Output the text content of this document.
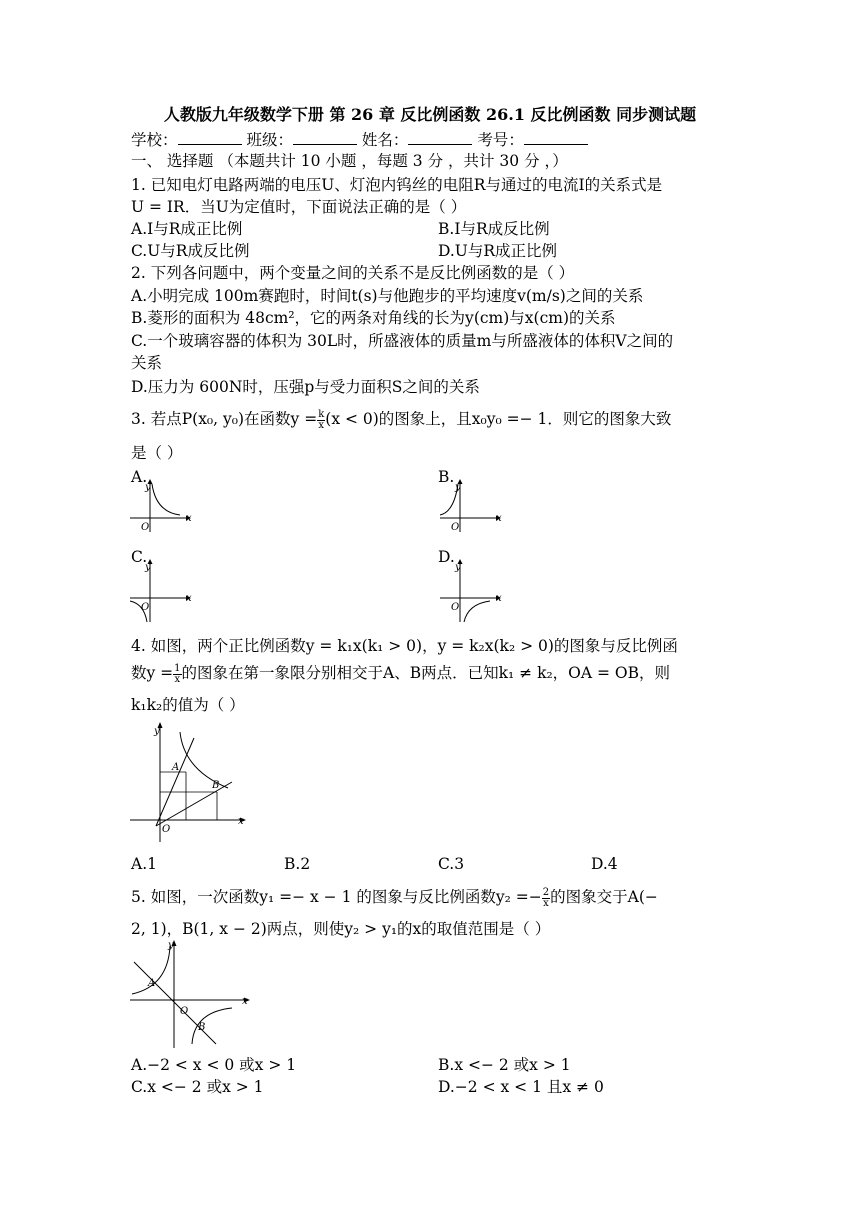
人教版九年级数学下册 第 26 章 反比例函数 26.1 反比例函数 同步测试题
学校：	班级：	姓名：	考号：
一、 选择题 （本题共计 10 小题 ，每题 3 分 ，共计 30 分 ，）
1. 已知电灯电路两端的电压U、灯泡内钨丝的电阻R与通过的电流I的关系式是
U = IR．当U为定值时，下面说法正确的是（ ）
A.I与R成正比例	B.I与R成反比例
C.U与R成反比例	D.U与R成正比例
2. 下列各问题中，两个变量之间的关系不是反比例函数的是（ ）
A.小明完成 100m赛跑时，时间t(s)与他跑步的平均速度v(m/s)之间的关系
B.菱形的面积为 48cm²，它的两条对角线的长为y(cm)与x(cm)的关系
C.一个玻璃容器的体积为 30L时，所盛液体的质量m与所盛液体的体积V之间的
关系
D.压力为 600N时，压强p与受力面积S之间的关系
3. 若点P(x₀, y₀)在函数$y = \frac{k}{x} (x < 0)$的图象上，且x₀y₀ =− 1．则它的图象大致
是（ ）
A.	B.
C.	D.
y
x
O
y
x
O
y
x
O
y
x
O
4. 如图，两个正比例函数y = k₁x(k₁ > 0)，y = k₂x(k₂ > 0)的图象与反比例函
数$y = \frac{1}{x}$ 的图象在第一象限分别相交于A、B两点．已知k₁ ≠ k₂，OA = OB，则
k₁k₂的值为（ ）
A
B
y
x
O
A.1	B.2	C.3	D.4
5. 如图，一次函数y₁ =− x − 1 的图象与反比例函数$y_2 =- \frac{2}{x}$ 的图象交于A(−
2, 1)，B(1, x − 2)两点，则使y₂ > y₁的x的取值范围是（ ）
A
B
y
x
O
A.−2 < x < 0 或x > 1	B.x <− 2 或x > 1
C.x <− 2 或x > 1	D.−2 < x < 1 且x ≠ 0
